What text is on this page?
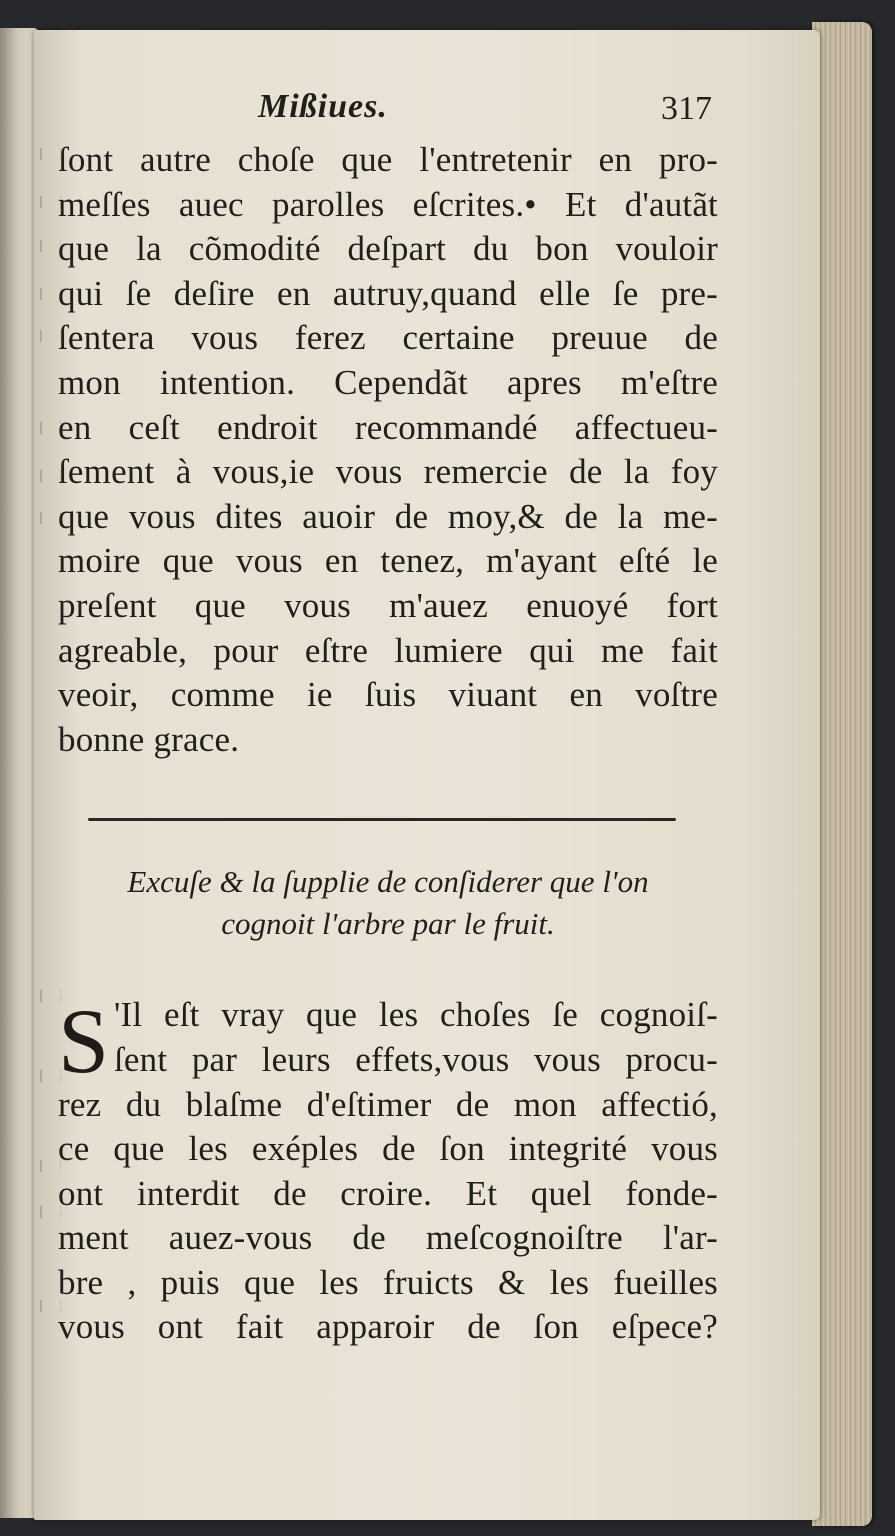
Mißiues.	317
ſont autre choſe que l'entretenir en pro-
meſſes auec parolles eſcrites.• Et d'autãt
que la cõmodité deſpart du bon vouloir
qui ſe deſire en autruy,quand elle ſe pre-
ſentera vous ferez certaine preuue de
mon intention. Cependãt apres m'eſtre
en ceſt endroit recommandé affectueu-
ſement à vous,ie vous remercie de la foy
que vous dites auoir de moy,& de la me-
moire que vous en tenez, m'ayant eſté le
preſent que vous m'auez enuoyé fort
agreable, pour eſtre lumiere qui me fait
veoir, comme ie ſuis viuant en voſtre
bonne grace.
Excuſe & la ſupplie de conſiderer que l'on
cognoit l'arbre par le fruit.
S 'Il eſt vray que les choſes ſe cognoiſ-
ſent par leurs effets,vous vous procu-
rez du blaſme d'eſtimer de mon affectió,
ce que les exéples de ſon integrité vous
ont interdit de croire. Et quel fonde-
ment auez-vous de meſcognoiſtre l'ar-
bre , puis que les fruicts & les fueilles
vous ont fait apparoir de ſon eſpece?
